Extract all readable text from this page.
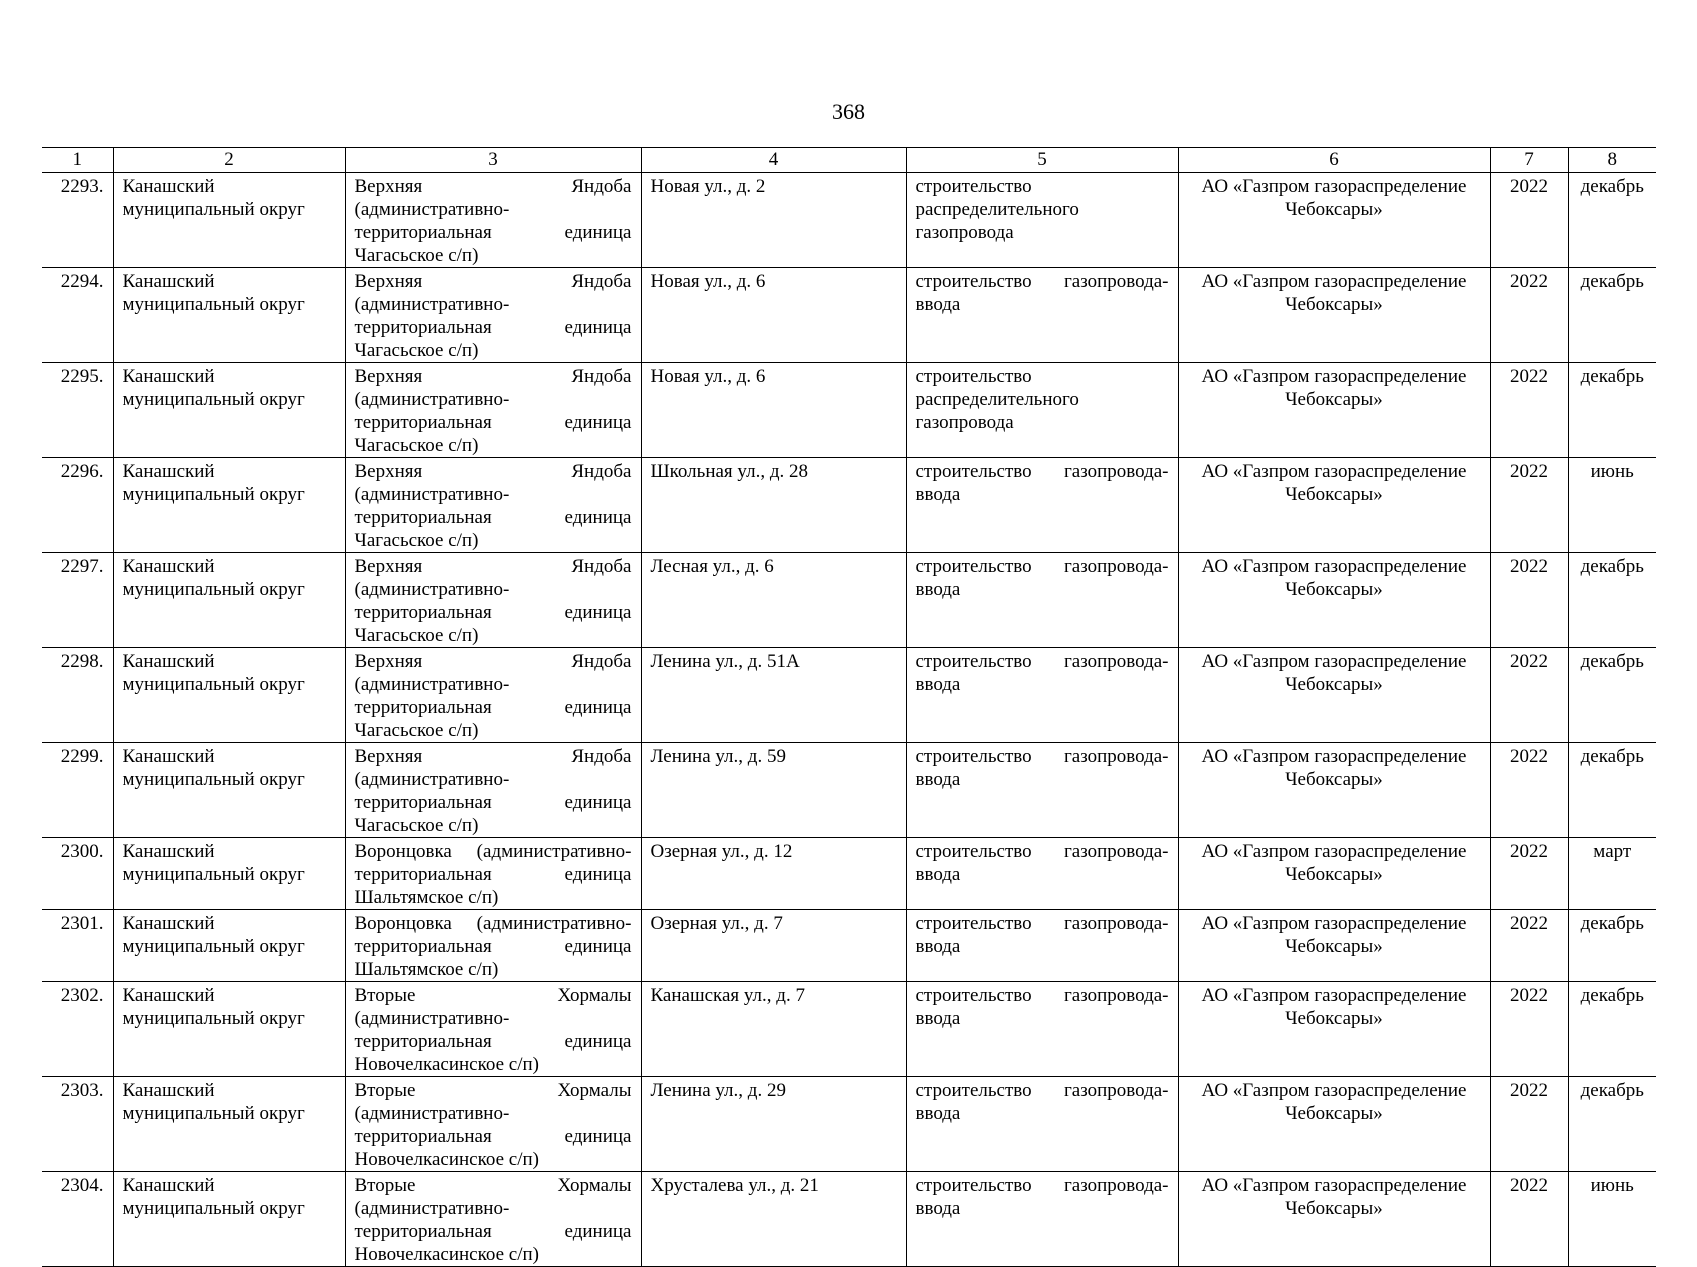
368
1	2	3	4	5	6	7	8
2293.	Канашский муниципальный округ	Верхняя Яндоба (административно-территориальная единица Чагасьское с/п)	Новая ул., д. 2	строительство распределительного газопровода	АО «Газпром газораспределение Чебоксары»	2022	декабрь
2294.	Канашский муниципальный округ	Верхняя Яндоба (административно-территориальная единица Чагасьское с/п)	Новая ул., д. 6	строительство газопровода-ввода	АО «Газпром газораспределение Чебоксары»	2022	декабрь
2295.	Канашский муниципальный округ	Верхняя Яндоба (административно-территориальная единица Чагасьское с/п)	Новая ул., д. 6	строительство распределительного газопровода	АО «Газпром газораспределение Чебоксары»	2022	декабрь
2296.	Канашский муниципальный округ	Верхняя Яндоба (административно-территориальная единица Чагасьское с/п)	Школьная ул., д. 28	строительство газопровода-ввода	АО «Газпром газораспределение Чебоксары»	2022	июнь
2297.	Канашский муниципальный округ	Верхняя Яндоба (административно-территориальная единица Чагасьское с/п)	Лесная ул., д. 6	строительство газопровода-ввода	АО «Газпром газораспределение Чебоксары»	2022	декабрь
2298.	Канашский муниципальный округ	Верхняя Яндоба (административно-территориальная единица Чагасьское с/п)	Ленина ул., д. 51А	строительство газопровода-ввода	АО «Газпром газораспределение Чебоксары»	2022	декабрь
2299.	Канашский муниципальный округ	Верхняя Яндоба (административно-территориальная единица Чагасьское с/п)	Ленина ул., д. 59	строительство газопровода-ввода	АО «Газпром газораспределение Чебоксары»	2022	декабрь
2300.	Канашский муниципальный округ	Воронцовка (административно-территориальная единица Шальтямское с/п)	Озерная ул., д. 12	строительство газопровода-ввода	АО «Газпром газораспределение Чебоксары»	2022	март
2301.	Канашский муниципальный округ	Воронцовка (административно-территориальная единица Шальтямское с/п)	Озерная ул., д. 7	строительство газопровода-ввода	АО «Газпром газораспределение Чебоксары»	2022	декабрь
2302.	Канашский муниципальный округ	Вторые Хормалы (административно-территориальная единица Новочелкасинское с/п)	Канашская ул., д. 7	строительство газопровода-ввода	АО «Газпром газораспределение Чебоксары»	2022	декабрь
2303.	Канашский муниципальный округ	Вторые Хормалы (административно-территориальная единица Новочелкасинское с/п)	Ленина ул., д. 29	строительство газопровода-ввода	АО «Газпром газораспределение Чебоксары»	2022	декабрь
2304.	Канашский муниципальный округ	Вторые Хормалы (административно-территориальная единица Новочелкасинское с/п)	Хрусталева ул., д. 21	строительство газопровода-ввода	АО «Газпром газораспределение Чебоксары»	2022	июнь
